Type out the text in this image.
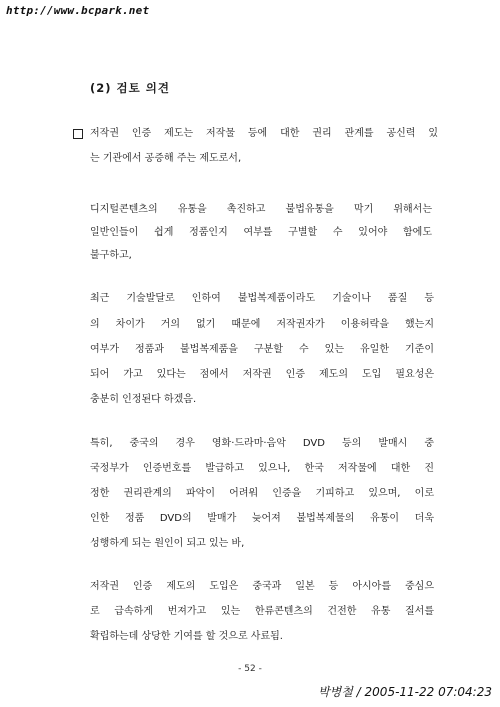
http://www.bcpark.net
(2) 검토 의견
저작권 인증 제도는 저작물 등에 대한 권리 관계를 공신력 있
는 기관에서 공증해 주는 제도로서,
디지털콘텐츠의 유통을 촉진하고 불법유통을 막기 위해서는
일반인들이 쉽게 정품인지 여부를 구별할 수 있어야 함에도
불구하고,
최근 기술발달로 인하여 불법복제품이라도 기술이나 품질 등
의 차이가 거의 없기 때문에 저작권자가 이용허락을 했는지
여부가 정품과 불법복제품을 구분할 수 있는 유일한 기준이
되어 가고 있다는 점에서 저작권 인증 제도의 도입 필요성은
충분히 인정된다 하겠음.
특히, 중국의 경우 영화·드라마·음악 DVD 등의 발매시 중
국정부가 인증번호를 발급하고 있으나, 한국 저작물에 대한 진
정한 권리관계의 파악이 어려워 인증을 기피하고 있으며, 이로
인한 정품 DVD의 발매가 늦어져 불법복제물의 유통이 더욱
성행하게 되는 원인이 되고 있는 바,
저작권 인증 제도의 도입은 중국과 일본 등 아시아를 중심으
로 급속하게 번져가고 있는 한류콘텐츠의 건전한 유통 질서를
확립하는데 상당한 기여를 할 것으로 사료됨.
- 52 -
박병철 / 2005-11-22 07:04:23
